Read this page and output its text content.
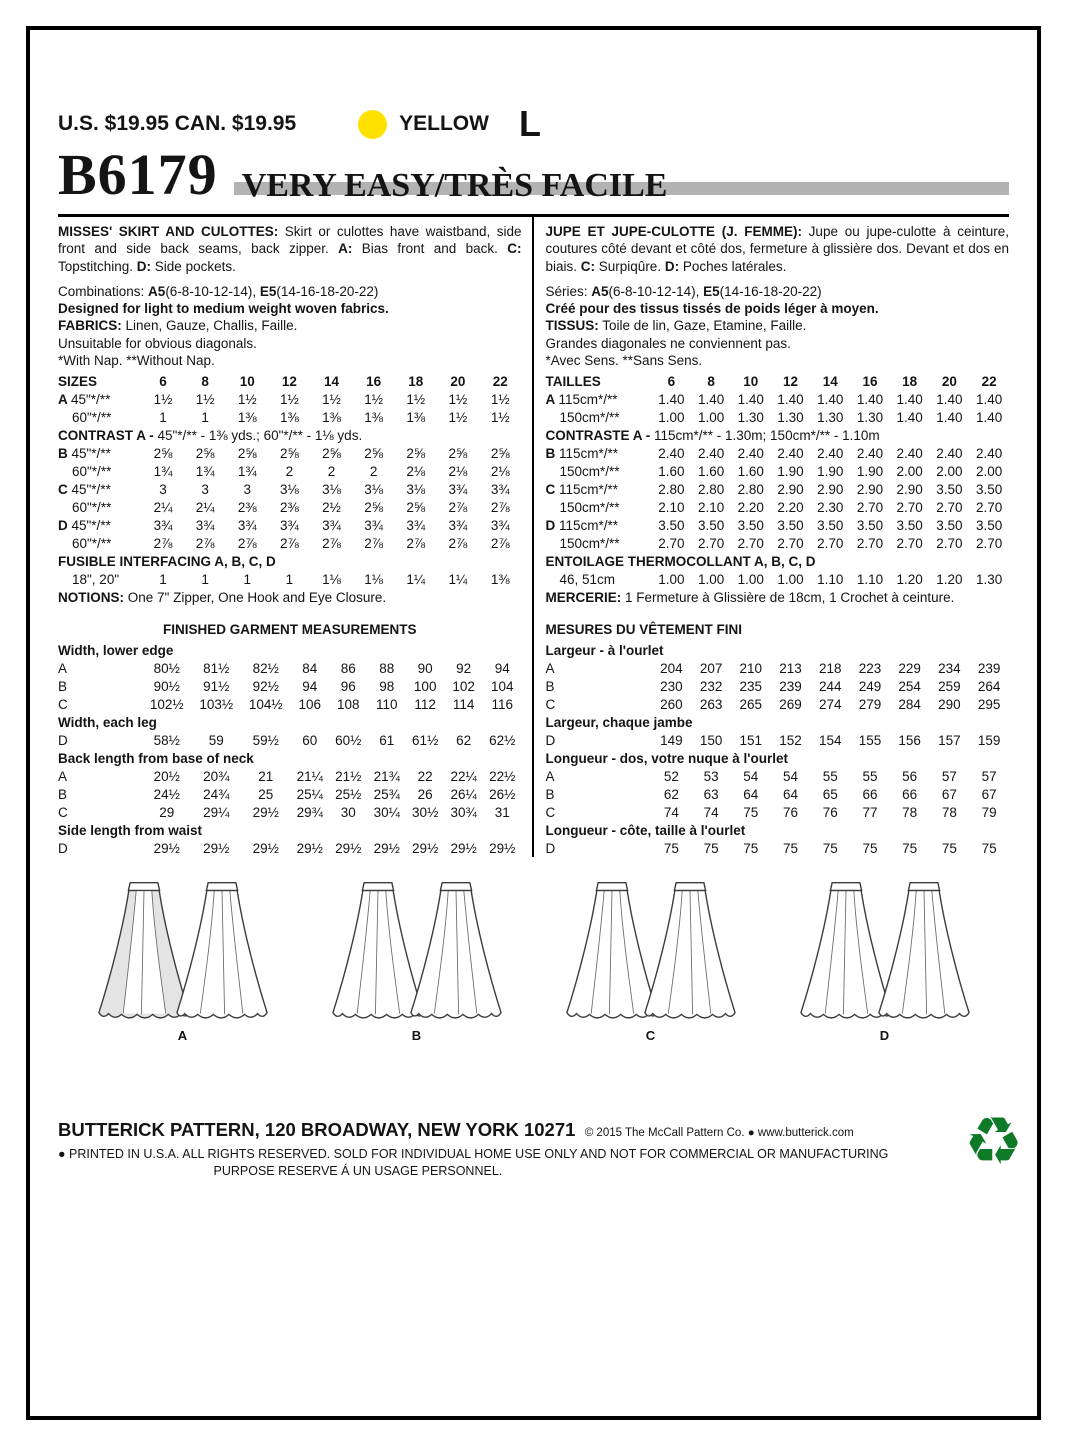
U.S. $19.95 CAN. $19.95	YELLOW L
B6179 VERY EASY/TRÈS FACILE

MISSES' SKIRT AND CULOTTES: Skirt or culottes have waistband, side front and side back seams, back zipper. A: Bias front and back. C: Topstitching. D: Side pockets.

Combinations: A5(6-8-10-12-14), E5(14-16-18-20-22)
Designed for light to medium weight woven fabrics.
FABRICS: Linen, Gauze, Challis, Faille.
Unsuitable for obvious diagonals.
*With Nap. **Without Nap.
SIZES	6	8	10	12	14	16	18	20	22
A 45"*/**	1½	1½	1½	1½	1½	1½	1½	1½	1½
60"*/**	1	1	1⅜	1⅜	1⅜	1⅜	1⅜	1½	1½
CONTRAST A - 45"*/** - 1⅜ yds.; 60"*/** - 1⅛ yds.									
B 45"*/**	2⅝	2⅝	2⅝	2⅝	2⅝	2⅝	2⅝	2⅝	2⅝
60"*/**	1¾	1¾	1¾	2	2	2	2⅛	2⅛	2⅛
C 45"*/**	3	3	3	3⅛	3⅛	3⅛	3⅛	3¾	3¾
60"*/**	2¼	2¼	2⅜	2⅜	2½	2⅝	2⅝	2⅞	2⅞
D 45"*/**	3¾	3¾	3¾	3¾	3¾	3¾	3¾	3¾	3¾
60"*/**	2⅞	2⅞	2⅞	2⅞	2⅞	2⅞	2⅞	2⅞	2⅞
FUSIBLE INTERFACING A, B, C, D									
18", 20"	1	1	1	1	1⅛	1⅛	1¼	1¼	1⅜
NOTIONS: One 7" Zipper, One Hook and Eye Closure.									
FINISHED GARMENT MEASUREMENTS
Width, lower edge									
A	80½	81½	82½	84	86	88	90	92	94
B	90½	91½	92½	94	96	98	100	102	104
C	102½	103½	104½	106	108	110	112	114	116
Width, each leg									
D	58½	59	59½	60	60½	61	61½	62	62½
Back length from base of neck									
A	20½	20¾	21	21¼	21½	21¾	22	22¼	22½
B	24½	24¾	25	25¼	25½	25¾	26	26¼	26½
C	29	29¼	29½	29¾	30	30¼	30½	30¾	31
Side length from waist									
D	29½	29½	29½	29½	29½	29½	29½	29½	29½

JUPE ET JUPE-CULOTTE (J. FEMME): Jupe ou jupe-culotte à ceinture, coutures côté devant et côté dos, fermeture à glissière dos. Devant et dos en biais. C: Surpiqûre. D: Poches latérales.

Séries: A5(6-8-10-12-14), E5(14-16-18-20-22)
Créé pour des tissus tissés de poids léger à moyen.
TISSUS: Toile de lin, Gaze, Etamine, Faille.
Grandes diagonales ne conviennent pas.
*Avec Sens. **Sans Sens.
TAILLES	6	8	10	12	14	16	18	20	22
A 115cm*/**	1.40	1.40	1.40	1.40	1.40	1.40	1.40	1.40	1.40
150cm*/**	1.00	1.00	1.30	1.30	1.30	1.30	1.40	1.40	1.40
CONTRASTE A - 115cm*/** - 1.30m; 150cm*/** - 1.10m									
B 115cm*/**	2.40	2.40	2.40	2.40	2.40	2.40	2.40	2.40	2.40
150cm*/**	1.60	1.60	1.60	1.90	1.90	1.90	2.00	2.00	2.00
C 115cm*/**	2.80	2.80	2.80	2.90	2.90	2.90	2.90	3.50	3.50
150cm*/**	2.10	2.10	2.20	2.20	2.30	2.70	2.70	2.70	2.70
D 115cm*/**	3.50	3.50	3.50	3.50	3.50	3.50	3.50	3.50	3.50
150cm*/**	2.70	2.70	2.70	2.70	2.70	2.70	2.70	2.70	2.70
ENTOILAGE THERMOCOLLANT A, B, C, D									
46, 51cm	1.00	1.00	1.00	1.00	1.10	1.10	1.20	1.20	1.30
MERCERIE: 1 Fermeture à Glissière de 18cm, 1 Crochet à ceinture.									
MESURES DU VÊTEMENT FINI
Largeur - à l'ourlet									
A	204	207	210	213	218	223	229	234	239
B	230	232	235	239	244	249	254	259	264
C	260	263	265	269	274	279	284	290	295
Largeur, chaque jambe									
D	149	150	151	152	154	155	156	157	159
Longueur - dos, votre nuque à l'ourlet									
A	52	53	54	54	55	55	56	57	57
B	62	63	64	64	65	66	66	67	67
C	74	74	75	76	76	77	78	78	79
Longueur - côte, taille à l'ourlet									
D	75	75	75	75	75	75	75	75	75
A	B	C	D
BUTTERICK PATTERN, 120 BROADWAY, NEW YORK 10271 © 2015 The McCall Pattern Co. ● www.butterick.com
● PRINTED IN U.S.A. ALL RIGHTS RESERVED. SOLD FOR INDIVIDUAL HOME USE ONLY AND NOT FOR COMMERCIAL OR MANUFACTURING
PURPOSE RESERVE Á UN USAGE PERSONNEL.	♻
